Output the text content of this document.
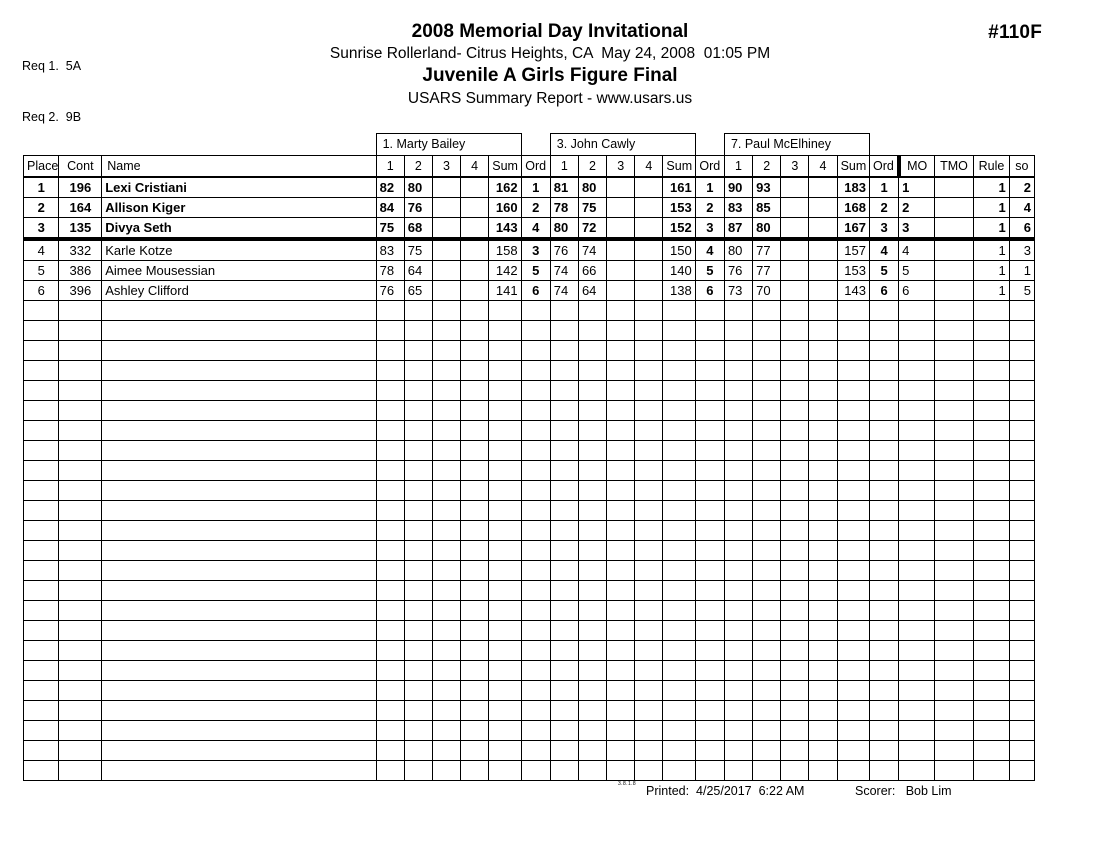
Req 1.  5A

Req 2.  9B

#110F
2008 Memorial Day Invitational
Sunrise Rollerland- Citrus Heights, CA  May 24, 2008  01:05 PM
Juvenile A Girls Figure Final
USARS Summary Report - www.usars.us
			1. Marty Bailey						3. John Cawly						7. Paul McElhiney									
Place	Cont	Name	1	2	3	4	Sum	Ord	1	2	3	4	Sum	Ord	1	2	3	4	Sum	Ord	MO	TMO	Rule	so
1	196	Lexi Cristiani	82	80			162	1	81	80			161	1	90	93			183	1	1		1	2
2	164	Allison Kiger	84	76			160	2	78	75			153	2	83	85			168	2	2		1	4
3	135	Divya Seth	75	68			143	4	80	72			152	3	87	80			167	3	3		1	6
4	332	Karle Kotze	83	75			158	3	76	74			150	4	80	77			157	4	4		1	3
5	386	Aimee Mousessian	78	64			142	5	74	66			140	5	76	77			153	5	5		1	1
6	396	Ashley Clifford	76	65			141	6	74	64			138	6	73	70			143	6	6		1	5

3.8.1.8 Printed:  4/25/2017  6:22 AM	Scorer:   Bob Lim
